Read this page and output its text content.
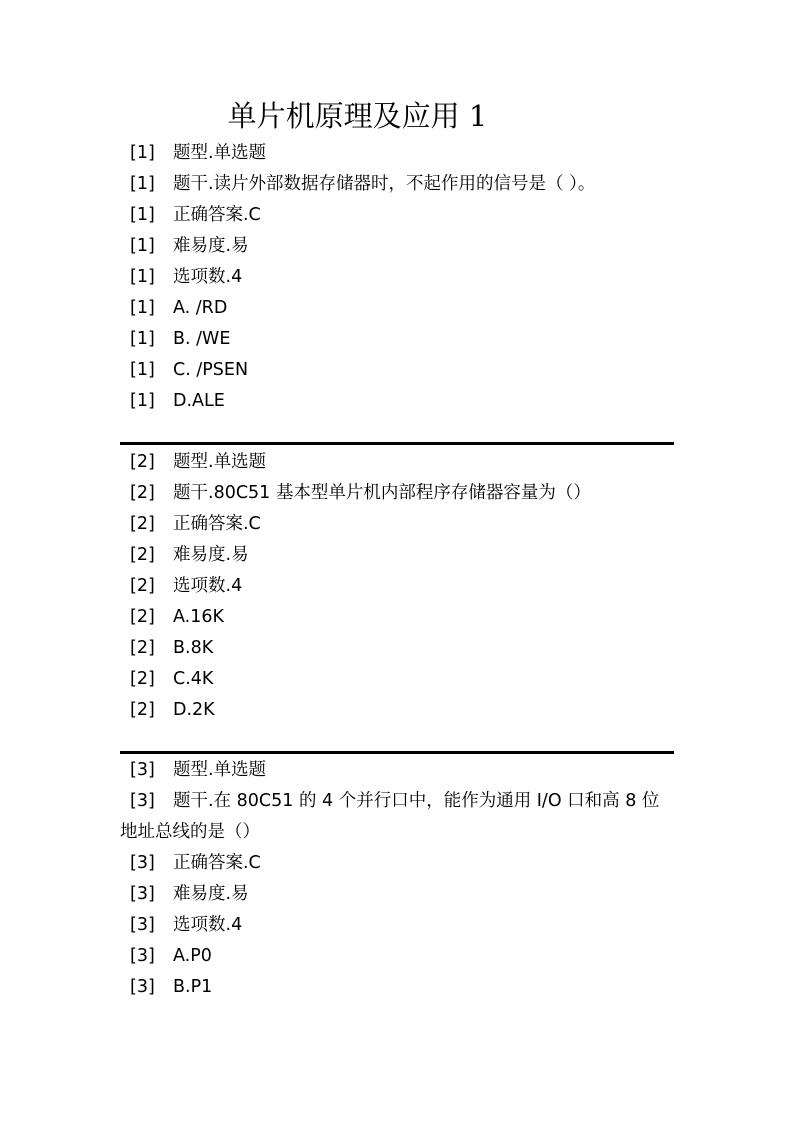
单片机原理及应用 1
[1] 题型.单选题
[1] 题干.读片外部数据存储器时，不起作用的信号是（ ）。
[1] 正确答案.C
[1] 难易度.易
[1] 选项数.4
[1] A. /RD
[1] B. /WE
[1] C. /PSEN
[1] D.ALE
[2] 题型.单选题
[2] 题干.80C51 基本型单片机内部程序存储器容量为（）
[2] 正确答案.C
[2] 难易度.易
[2] 选项数.4
[2] A.16K
[2] B.8K
[2] C.4K
[2] D.2K
[3] 题型.单选题
[3] 题干.在 80C51 的 4 个并行口中，能作为通用 I/O 口和高 8 位
地址总线的是（）
[3] 正确答案.C
[3] 难易度.易
[3] 选项数.4
[3] A.P0
[3] B.P1
